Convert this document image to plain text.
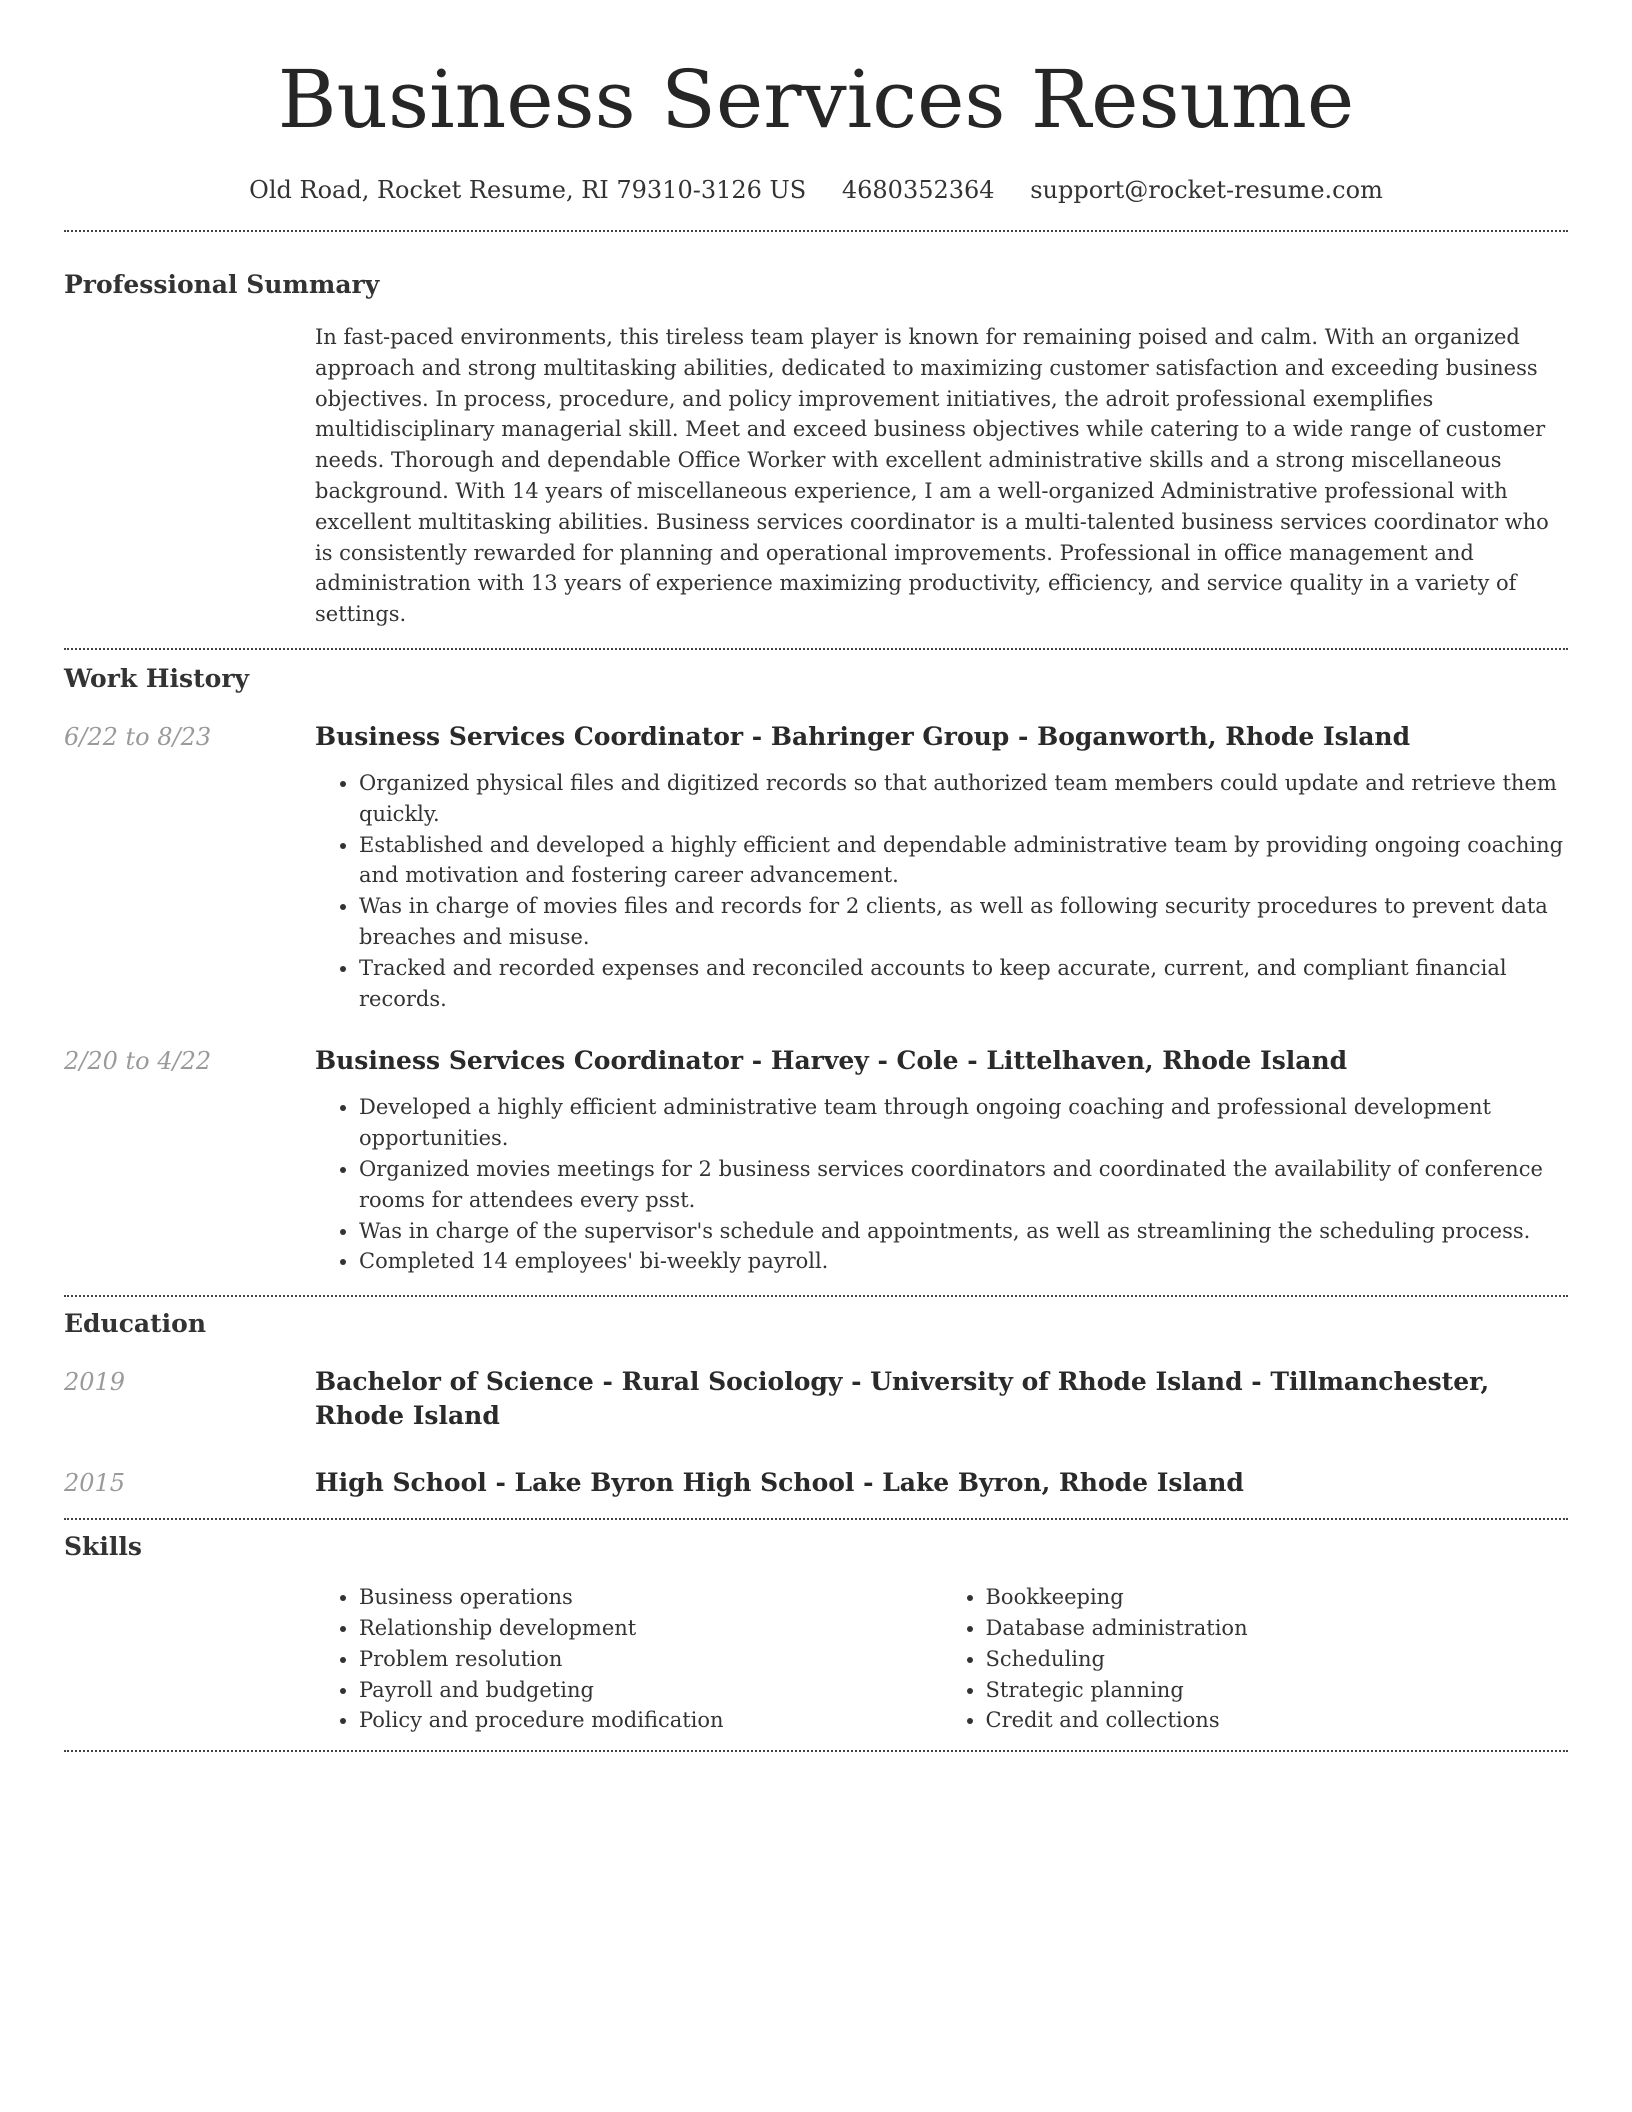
Business Services Resume
Old Road, Rocket Resume, RI 79310-3126 US 4680352364 support@rocket-resume.com
Professional Summary

In fast-paced environments, this tireless team player is known for remaining poised and calm. With an organized approach and strong multitasking abilities, dedicated to maximizing customer satisfaction and exceeding business objectives. In process, procedure, and policy improvement initiatives, the adroit professional exemplifies multidisciplinary managerial skill. Meet and exceed business objectives while catering to a wide range of customer needs. Thorough and dependable Office Worker with excellent administrative skills and a strong miscellaneous background. With 14 years of miscellaneous experience, I am a well-organized Administrative professional with excellent multitasking abilities. Business services coordinator is a multi-talented business services coordinator who is consistently rewarded for planning and operational improvements. Professional in office management and administration with 13 years of experience maximizing productivity, efficiency, and service quality in a variety of settings.

Work History
6/22 to 8/23	Business Services Coordinator - Bahringer Group - Boganworth, Rhode Island
• Organized physical files and digitized records so that authorized team members could update and retrieve them quickly.
• Established and developed a highly efficient and dependable administrative team by providing ongoing coaching and motivation and fostering career advancement.
• Was in charge of movies files and records for 2 clients, as well as following security procedures to prevent data breaches and misuse.
• Tracked and recorded expenses and reconciled accounts to keep accurate, current, and compliant financial records.
2/20 to 4/22	Business Services Coordinator - Harvey - Cole - Littelhaven, Rhode Island
• Developed a highly efficient administrative team through ongoing coaching and professional development opportunities.
• Organized movies meetings for 2 business services coordinators and coordinated the availability of conference rooms for attendees every psst.
• Was in charge of the supervisor's schedule and appointments, as well as streamlining the scheduling process.
• Completed 14 employees' bi-weekly payroll.
Education
2019	Bachelor of Science - Rural Sociology - University of Rhode Island - Tillmanchester, Rhode Island
2015	High School - Lake Byron High School - Lake Byron, Rhode Island
Skills
• Business operations
• Relationship development
• Problem resolution
• Payroll and budgeting
• Policy and procedure modification
• Bookkeeping
• Database administration
• Scheduling
• Strategic planning
• Credit and collections
